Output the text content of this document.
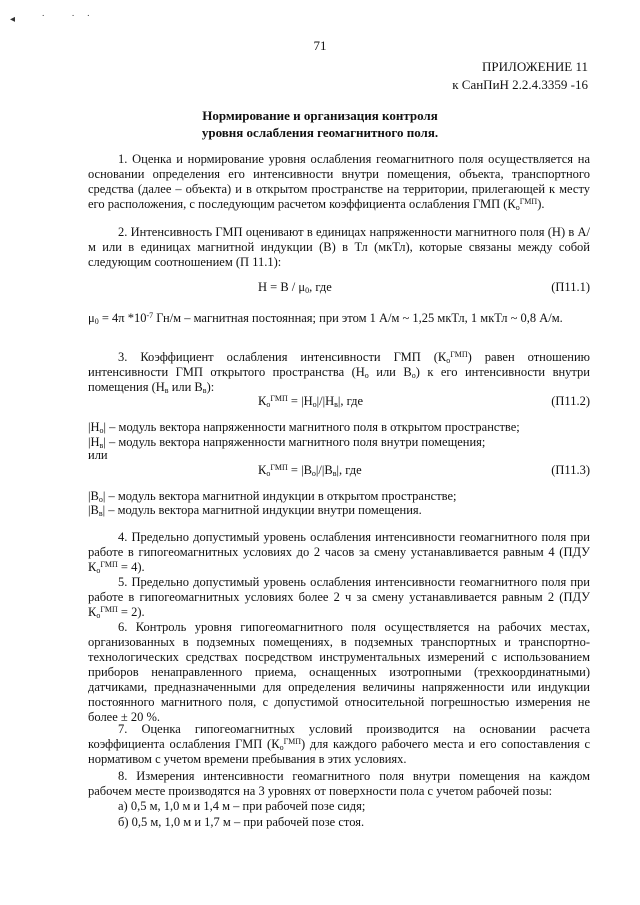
◂ ˙ ˙˙
71
ПРИЛОЖЕНИЕ 11
к СанПиН 2.2.4.3359 -16
Нормирование и организация контроля
уровня ослабления геомагнитного поля.
1. Оценка и нормирование уровня ослабления геомагнитного поля осуществляется на основании определения его интенсивности внутри помещения, объекта, транспортного средства (далее – объекта) и в открытом пространстве на территории, прилегающей к месту его расположения, с последующим расчетом коэффициента ослабления ГМП $(К_о^{ГМП})$.
2. Интенсивность ГМП оценивают в единицах напряженности магнитного поля (Н) в А/м или в единицах магнитной индукции (В) в Тл (мкТл), которые связаны между собой следующим соотношением (П 11.1):
$H = B / \mu_0$, где	(П11.1)
$\mu_0 = 4\pi$ $*10^{-7}$ Гн/м – магнитная постоянная; при этом 1 А/м ~ 1,25 мкТл, 1 мкТл ~ 0,8 А/м.
3. Коэффициент ослабления интенсивности ГМП $(К_о^{ГМП})$ равен отношению интенсивности ГМП открытого пространства ($Н_о$ или $В_о$) к его интенсивности внутри помещения ($Н_в$ или $В_в$):
$К_о^{ГМП} = |Н_о|/|Н_в|$, где	(П11.2)
$|Н_о|$ – модуль вектора напряженности магнитного поля в открытом пространстве;
$|Н_в|$ – модуль вектора напряженности магнитного поля внутри помещения;
или
$К_о^{ГМП} = |В_о|/|В_в|$, где	(П11.3)
$|В_о|$ – модуль вектора магнитной индукции в открытом пространстве;
$|В_в|$ – модуль вектора магнитной индукции внутри помещения.
4. Предельно допустимый уровень ослабления интенсивности геомагнитного поля при работе в гипогеомагнитных условиях до 2 часов за смену устанавливается равным 4 (ПДУ $К_о^{ГМП} = 4$).
5. Предельно допустимый уровень ослабления интенсивности геомагнитного поля при работе в гипогеомагнитных условиях более 2 ч за смену устанавливается равным 2 (ПДУ $К_о^{ГМП} = 2$).
6. Контроль уровня гипогеомагнитного поля осуществляется на рабочих местах, организованных в подземных помещениях, в подземных транспортных и транспортно-технологических средствах посредством инструментальных измерений с использованием приборов ненаправленного приема, оснащенных изотропными (трехкоординатными) датчиками, предназначенными для определения величины напряженности или индукции постоянного магнитного поля, с допустимой относительной погрешностью измерения не более ± 20 %.
7. Оценка гипогеомагнитных условий производится на основании расчета коэффициента ослабления ГМП $(К_о^{ГМП})$ для каждого рабочего места и его сопоставления с нормативом с учетом времени пребывания в этих условиях.
8. Измерения интенсивности геомагнитного поля внутри помещения на каждом рабочем месте производятся на 3 уровнях от поверхности пола с учетом рабочей позы:
а) 0,5 м, 1,0 м и 1,4 м – при рабочей позе сидя;
б) 0,5 м, 1,0 м и 1,7 м – при рабочей позе стоя.
